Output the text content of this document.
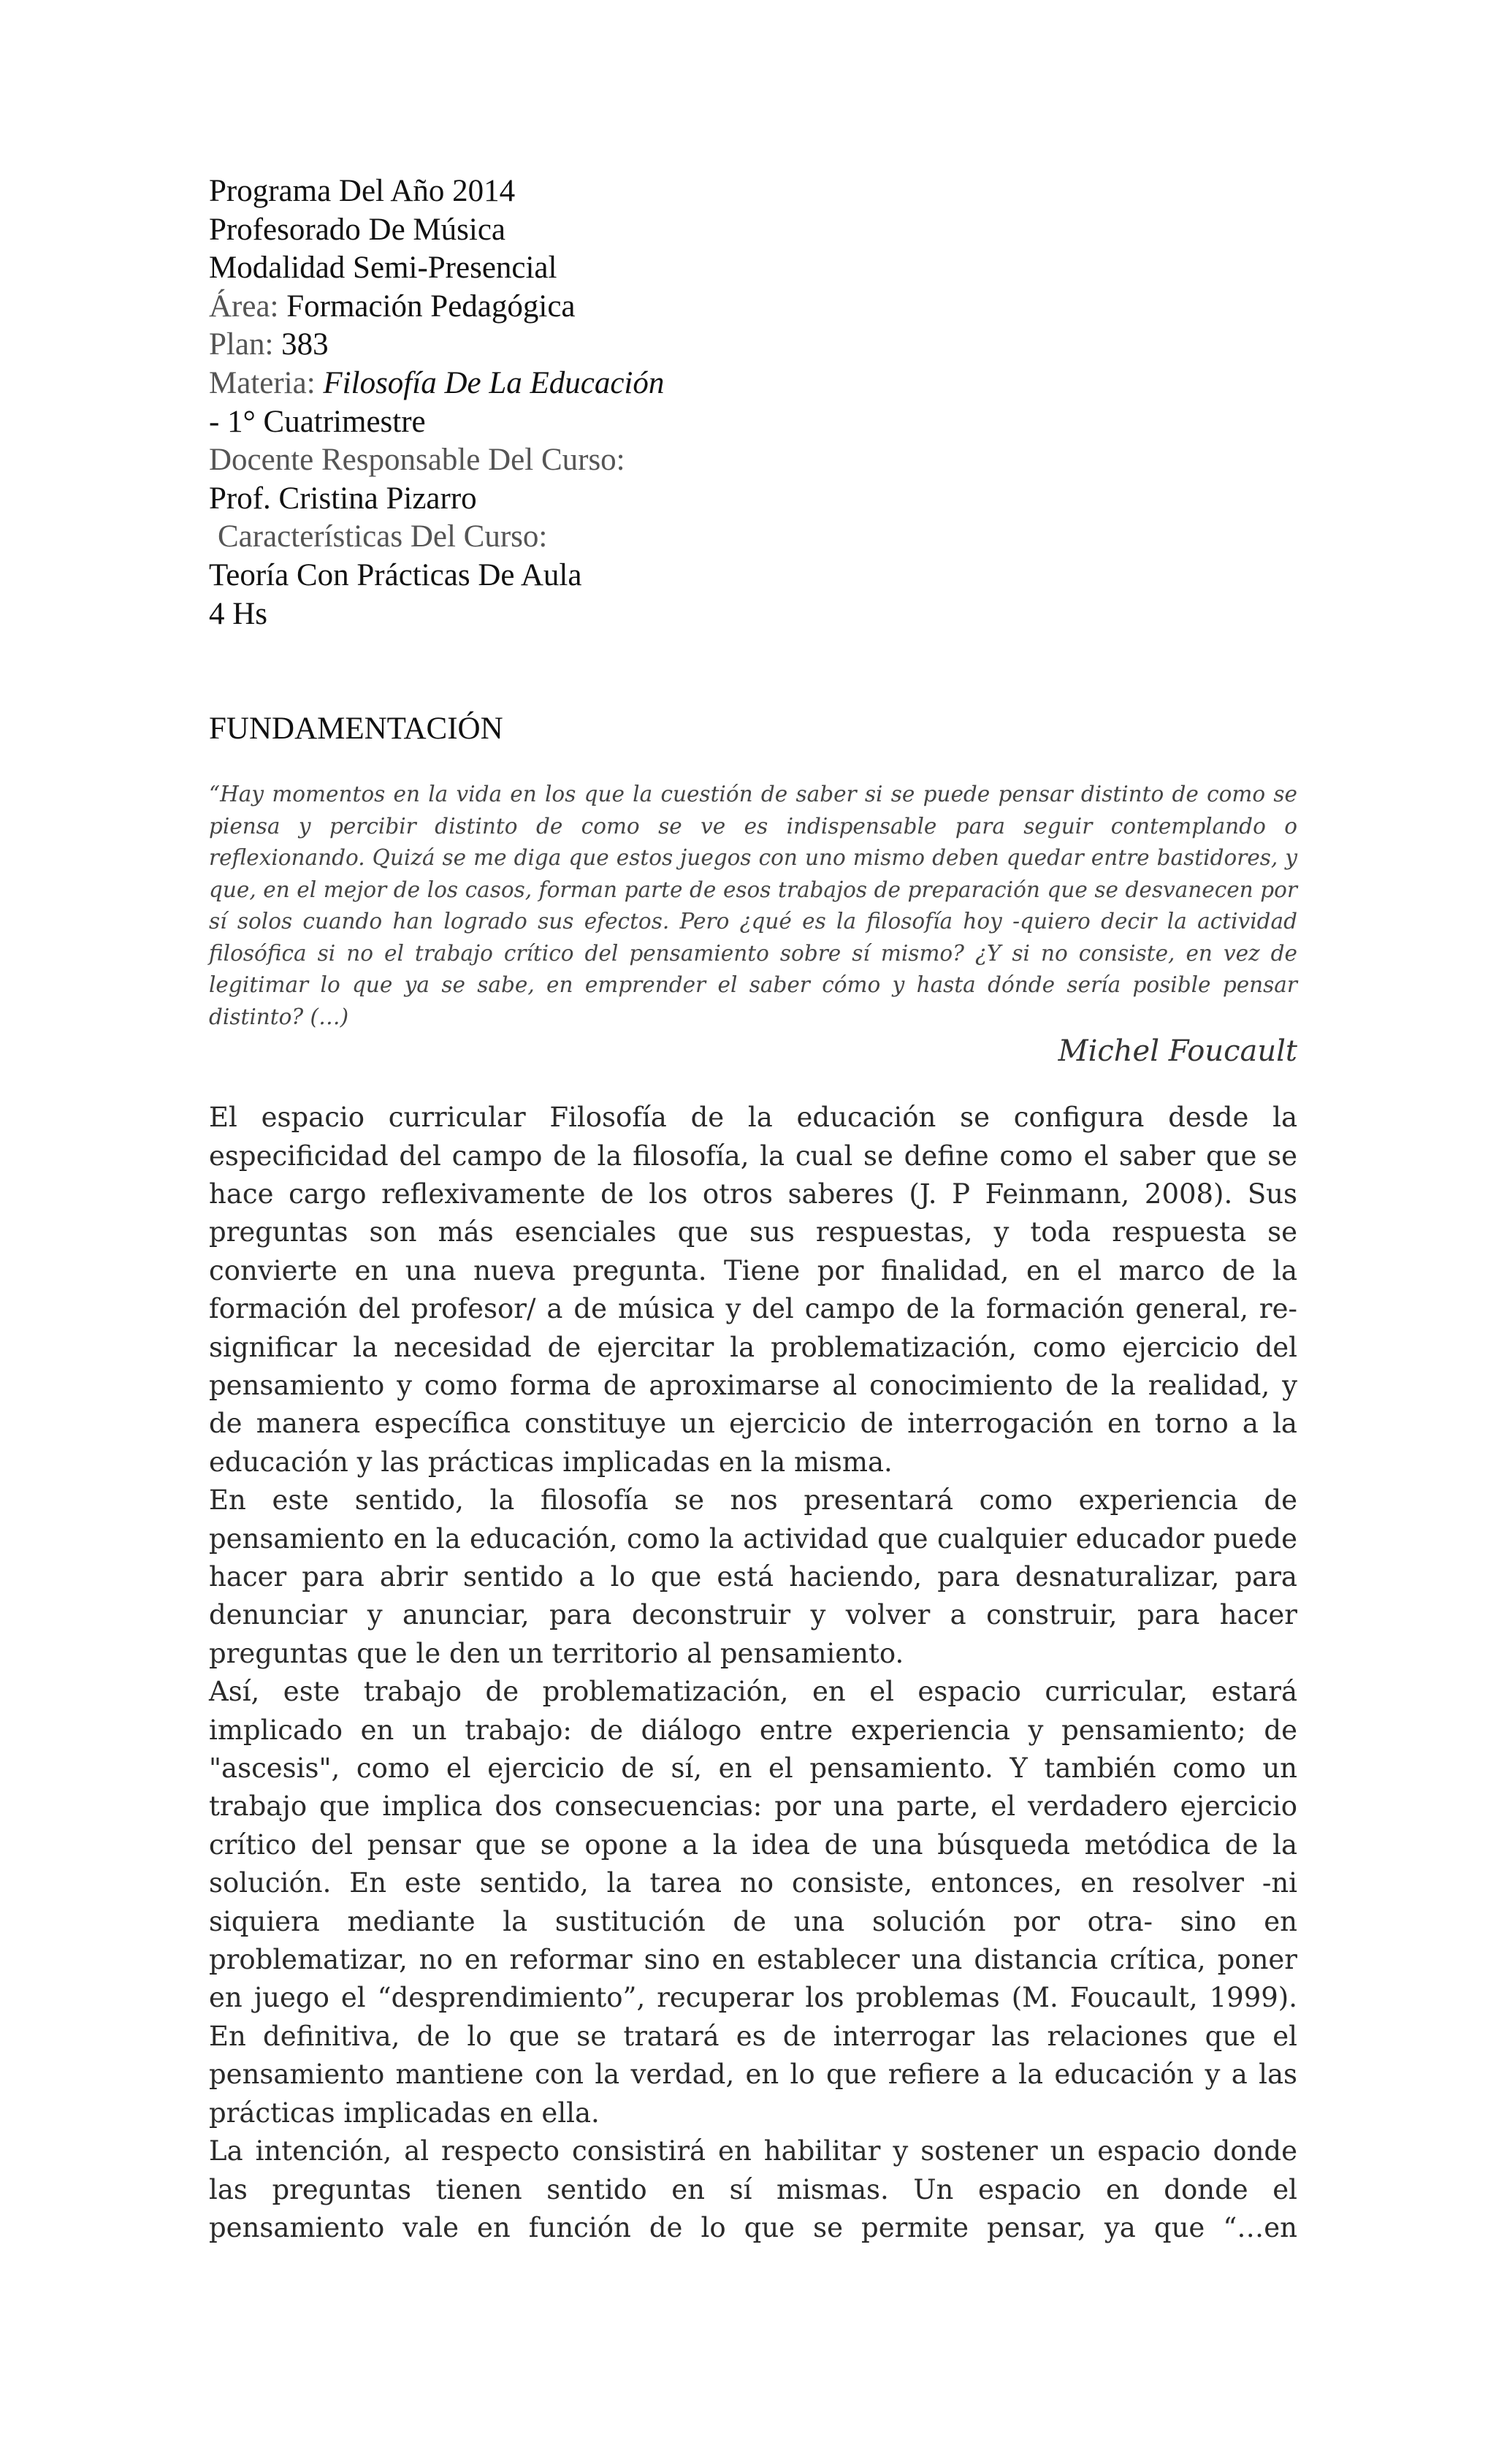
Programa Del Año 2014
Profesorado De Música
Modalidad Semi-Presencial
Área: Formación Pedagógica
Plan: 383
Materia: Filosofía De La Educación
- 1° Cuatrimestre
Docente Responsable Del Curso:
Prof. Cristina Pizarro
Características Del Curso:
Teoría Con Prácticas De Aula
4 Hs
FUNDAMENTACIÓN
“Hay momentos en la vida en los que la cuestión de saber si se puede pensar distinto de como se piensa y percibir distinto de como se ve es indispensable para seguir contemplando o reflexionando. Quizá se me diga que estos juegos con uno mismo deben quedar entre bastidores, y que, en el mejor de los casos, forman parte de esos trabajos de preparación que se desvanecen por sí solos cuando han logrado sus efectos. Pero ¿qué es la filosofía hoy -quiero decir la actividad filosófica si no el trabajo crítico del pensamiento sobre sí mismo? ¿Y si no consiste, en vez de legitimar lo que ya se sabe, en emprender el saber cómo y hasta dónde sería posible pensar distinto? (…)
Michel Foucault

El espacio curricular Filosofía de la educación se configura desde la especificidad del campo de la filosofía, la cual se define como el saber que se hace cargo reflexivamente de los otros saberes (J. P Feinmann, 2008). Sus preguntas son más esenciales que sus respuestas, y toda respuesta se convierte en una nueva pregunta. Tiene por finalidad, en el marco de la formación del profesor/ a de música y del campo de la formación general, re-significar la necesidad de ejercitar la problematización, como ejercicio del pensamiento y como forma de aproximarse al conocimiento de la realidad, y de manera específica constituye un ejercicio de interrogación en torno a la educación y las prácticas implicadas en la misma.

En este sentido, la filosofía se nos presentará como experiencia de pensamiento en la educación, como la actividad que cualquier educador puede hacer para abrir sentido a lo que está haciendo, para desnaturalizar, para denunciar y anunciar, para deconstruir y volver a construir, para hacer preguntas que le den un territorio al pensamiento.

Así, este trabajo de problematización, en el espacio curricular, estará implicado en un trabajo: de diálogo entre experiencia y pensamiento; de "ascesis", como el ejercicio de sí, en el pensamiento. Y también como un trabajo que implica dos consecuencias: por una parte, el verdadero ejercicio crítico del pensar que se opone a la idea de una búsqueda metódica de la solución. En este sentido, la tarea no consiste, entonces, en resolver -ni siquiera mediante la sustitución de una solución por otra- sino en problematizar, no en reformar sino en establecer una distancia crítica, poner en juego el “desprendimiento”, recuperar los problemas (M. Foucault, 1999). En definitiva, de lo que se tratará es de interrogar las relaciones que el pensamiento mantiene con la verdad, en lo que refiere a la educación y a las prácticas implicadas en ella.

La intención, al respecto consistirá en habilitar y sostener un espacio donde las preguntas tienen sentido en sí mismas. Un espacio en donde el pensamiento vale en función de lo que se permite pensar, ya que “…en
